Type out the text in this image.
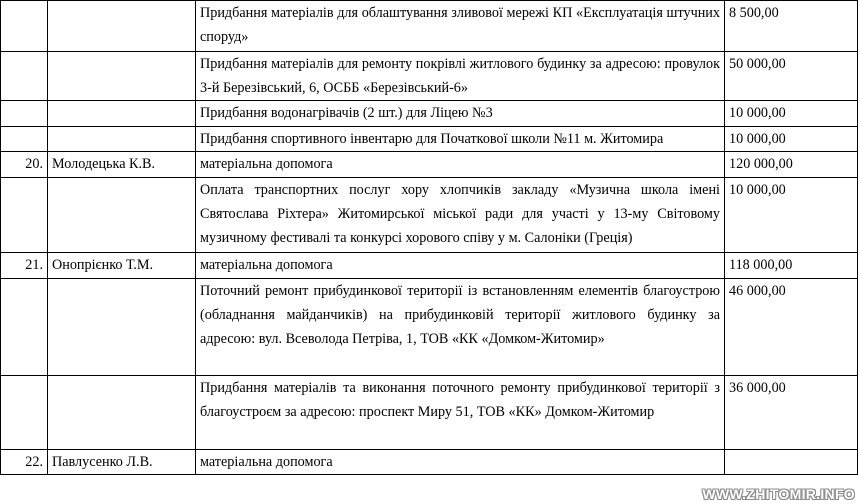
		Придбання матеріалів для облаштування зливової мережі КП «Експлуатація штучних споруд»	8 500,00
		Придбання матеріалів для ремонту покрівлі житлового будинку за адресою: провулок 3-й Березівський, 6, ОСББ «Березівський-6»	50 000,00
		Придбання водонагрівачів (2 шт.) для Ліцею №3	10 000,00
		Придбання спортивного інвентарю для Початкової школи №11 м. Житомира	10 000,00
20.	Молодецька К.В.	матеріальна допомога	120 000,00
		Оплата транспортних послуг хору хлопчиків закладу «Музична школа імені Святослава Ріхтера» Житомирської міської ради для участі у 13-му Світовому музичному фестивалі та конкурсі хорового співу у м. Салоніки (Греція)	10 000,00
21.	Онопрієнко Т.М.	матеріальна допомога	118 000,00
		Поточний ремонт прибудинкової території із встановленням елементів благоустрою (обладнання майданчиків) на прибудинковій території житлового будинку за адресою: вул. Всеволода Петріва, 1, ТОВ «КК «Домком-Житомир»	46 000,00
		Придбання матеріалів та виконання поточного ремонту прибудинкової території з благоустроєм за адресою: проспект Миру 51, ТОВ «КК» Домком-Житомир	36 000,00
22.	Павлусенко Л.В.	матеріальна допомога	
WWW.ZHITOMIR.INFO
